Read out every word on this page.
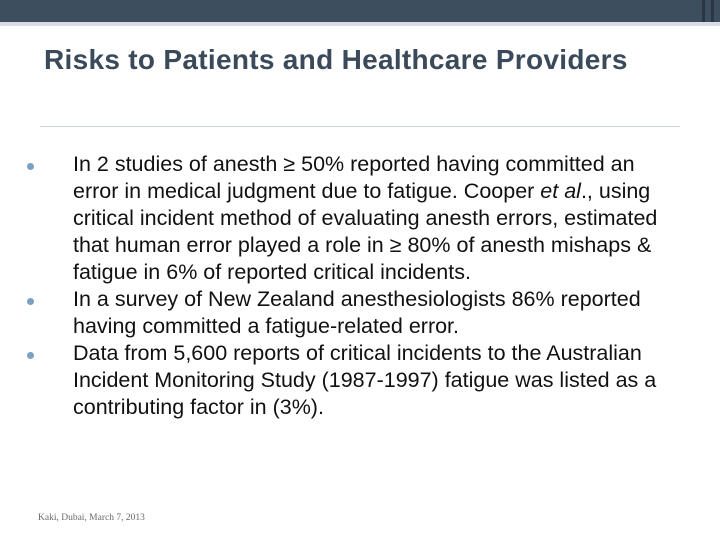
Risks to Patients and Healthcare Providers
In 2 studies of anesth ≥ 50% reported having committed an error in medical judgment due to fatigue. Cooper et al., using critical incident method of evaluating anesth errors, estimated that human error played a role in ≥ 80% of anesth mishaps & fatigue in 6% of reported critical incidents.
In a survey of New Zealand anesthesiologists 86% reported having committed a fatigue-related error.
Data from 5,600 reports of critical incidents to the Australian Incident Monitoring Study (1987-1997) fatigue was listed as a contributing factor in (3%).
Kaki, Dubai, March 7, 2013
